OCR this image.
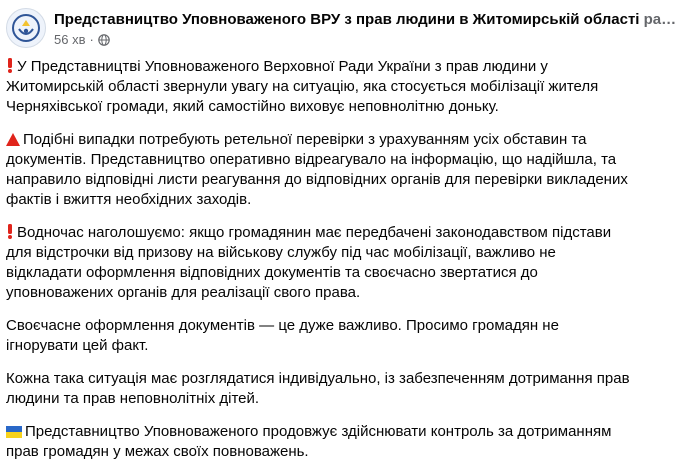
Представництво Уповноваженого ВРУ з прав людини в Житомирській області ра…
56 хв ·

У Представництві Уповноваженого Верховної Ради України з прав людини у Житомирській області звернули увагу на ситуацію, яка стосується мобілізації жителя Черняхівської громади, який самостійно виховує неповнолітню доньку.

Подібні випадки потребують ретельної перевірки з урахуванням усіх обставин та документів. Представництво оперативно відреагувало на інформацію, що надійшла, та направило відповідні листи реагування до відповідних органів для перевірки викладених фактів і вжиття необхідних заходів.

Водночас наголошуємо: якщо громадянин має передбачені законодавством підстави для відстрочки від призову на військову службу під час мобілізації, важливо не відкладати оформлення відповідних документів та своєчасно звертатися до уповноважених органів для реалізації свого права.

Своєчасне оформлення документів — це дуже важливо. Просимо громадян не ігнорувати цей факт.

Кожна така ситуація має розглядатися індивідуально, із забезпеченням дотримання прав людини та прав неповнолітніх дітей.

Представництво Уповноваженого продовжує здійснювати контроль за дотриманням прав громадян у межах своїх повноважень.
